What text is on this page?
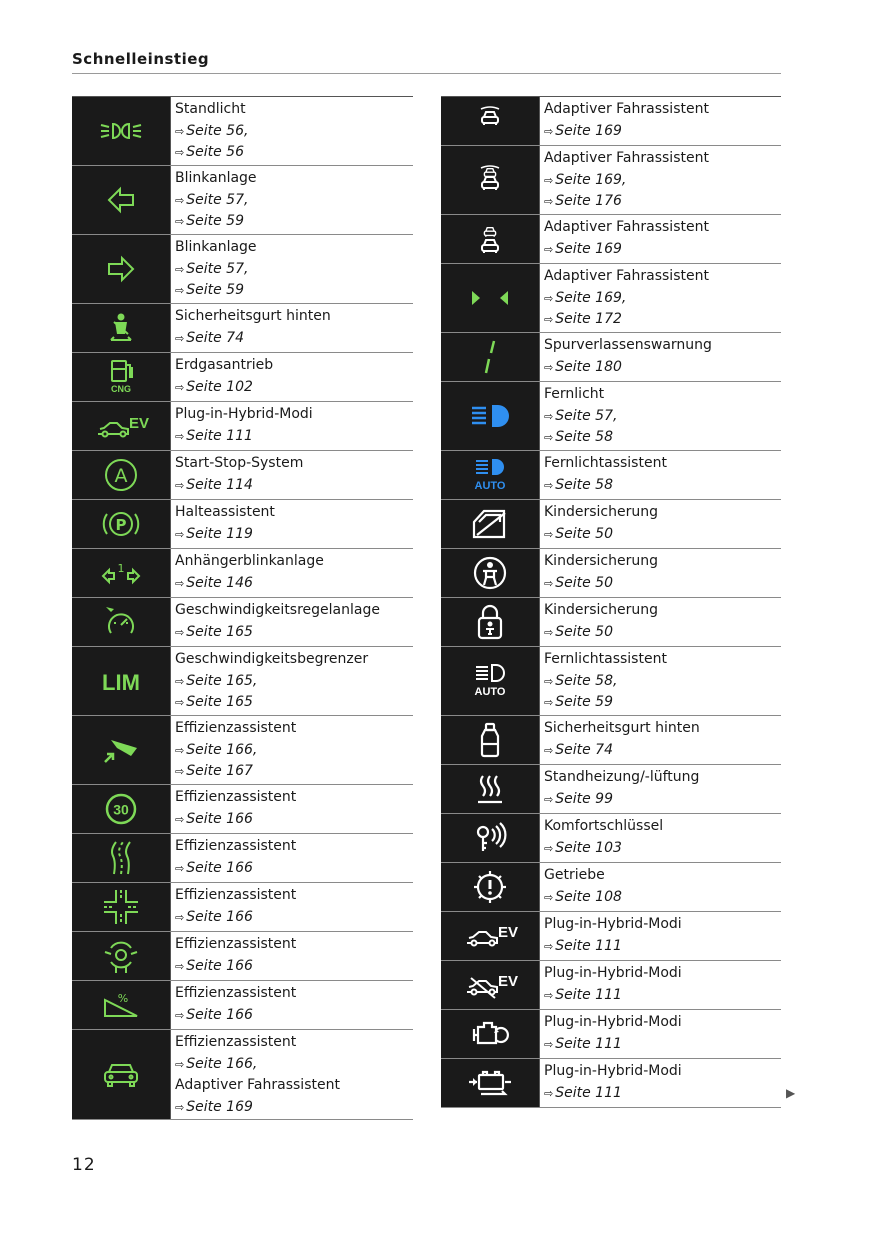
Schnelleinstieg
Standlicht
⇨ Seite 56,
⇨ Seite 56
Blinkanlage
⇨ Seite 57,
⇨ Seite 59
Blinkanlage
⇨ Seite 57,
⇨ Seite 59
Sicherheitsgurt hinten
⇨ Seite 74
CNG
Erdgasantrieb
⇨ Seite 102
EV
Plug-in-Hybrid-Modi
⇨ Seite 111
A
Start-Stop-System
⇨ Seite 114
P
Halteassistent
⇨ Seite 119
1	Anhängerblinkanlage
⇨ Seite 146
Geschwindigkeitsregelanlage
⇨ Seite 165
LIM
Geschwindigkeitsbegrenzer
⇨ Seite 165,
⇨ Seite 165
Effizienzassistent
⇨ Seite 166,
⇨ Seite 167
30
Effizienzassistent
⇨ Seite 166
Effizienzassistent
⇨ Seite 166
Effizienzassistent
⇨ Seite 166
Effizienzassistent
⇨ Seite 166
%	Effizienzassistent
⇨ Seite 166
Effizienzassistent
⇨ Seite 166,
Adaptiver Fahrassistent
⇨ Seite 169
Adaptiver Fahrassistent
⇨ Seite 169
Adaptiver Fahrassistent
⇨ Seite 169,
⇨ Seite 176
Adaptiver Fahrassistent
⇨ Seite 169
Adaptiver Fahrassistent
⇨ Seite 169,
⇨ Seite 172
Spurverlassenswarnung
⇨ Seite 180
Fernlicht
⇨ Seite 57,
⇨ Seite 58
AUTO
Fernlichtassistent
⇨ Seite 58
Kindersicherung
⇨ Seite 50
Kindersicherung
⇨ Seite 50
Kindersicherung
⇨ Seite 50
AUTO
Fernlichtassistent
⇨ Seite 58,
⇨ Seite 59
Sicherheitsgurt hinten
⇨ Seite 74
Standheizung/-lüftung
⇨ Seite 99
Komfortschlüssel
⇨ Seite 103
Getriebe
⇨ Seite 108
EV Plug-in-Hybrid-Modi
⇨ Seite 111
EV Plug-in-Hybrid-Modi
⇨ Seite 111
Plug-in-Hybrid-Modi
⇨ Seite 111
Plug-in-Hybrid-Modi
⇨ Seite 111
12
▶
